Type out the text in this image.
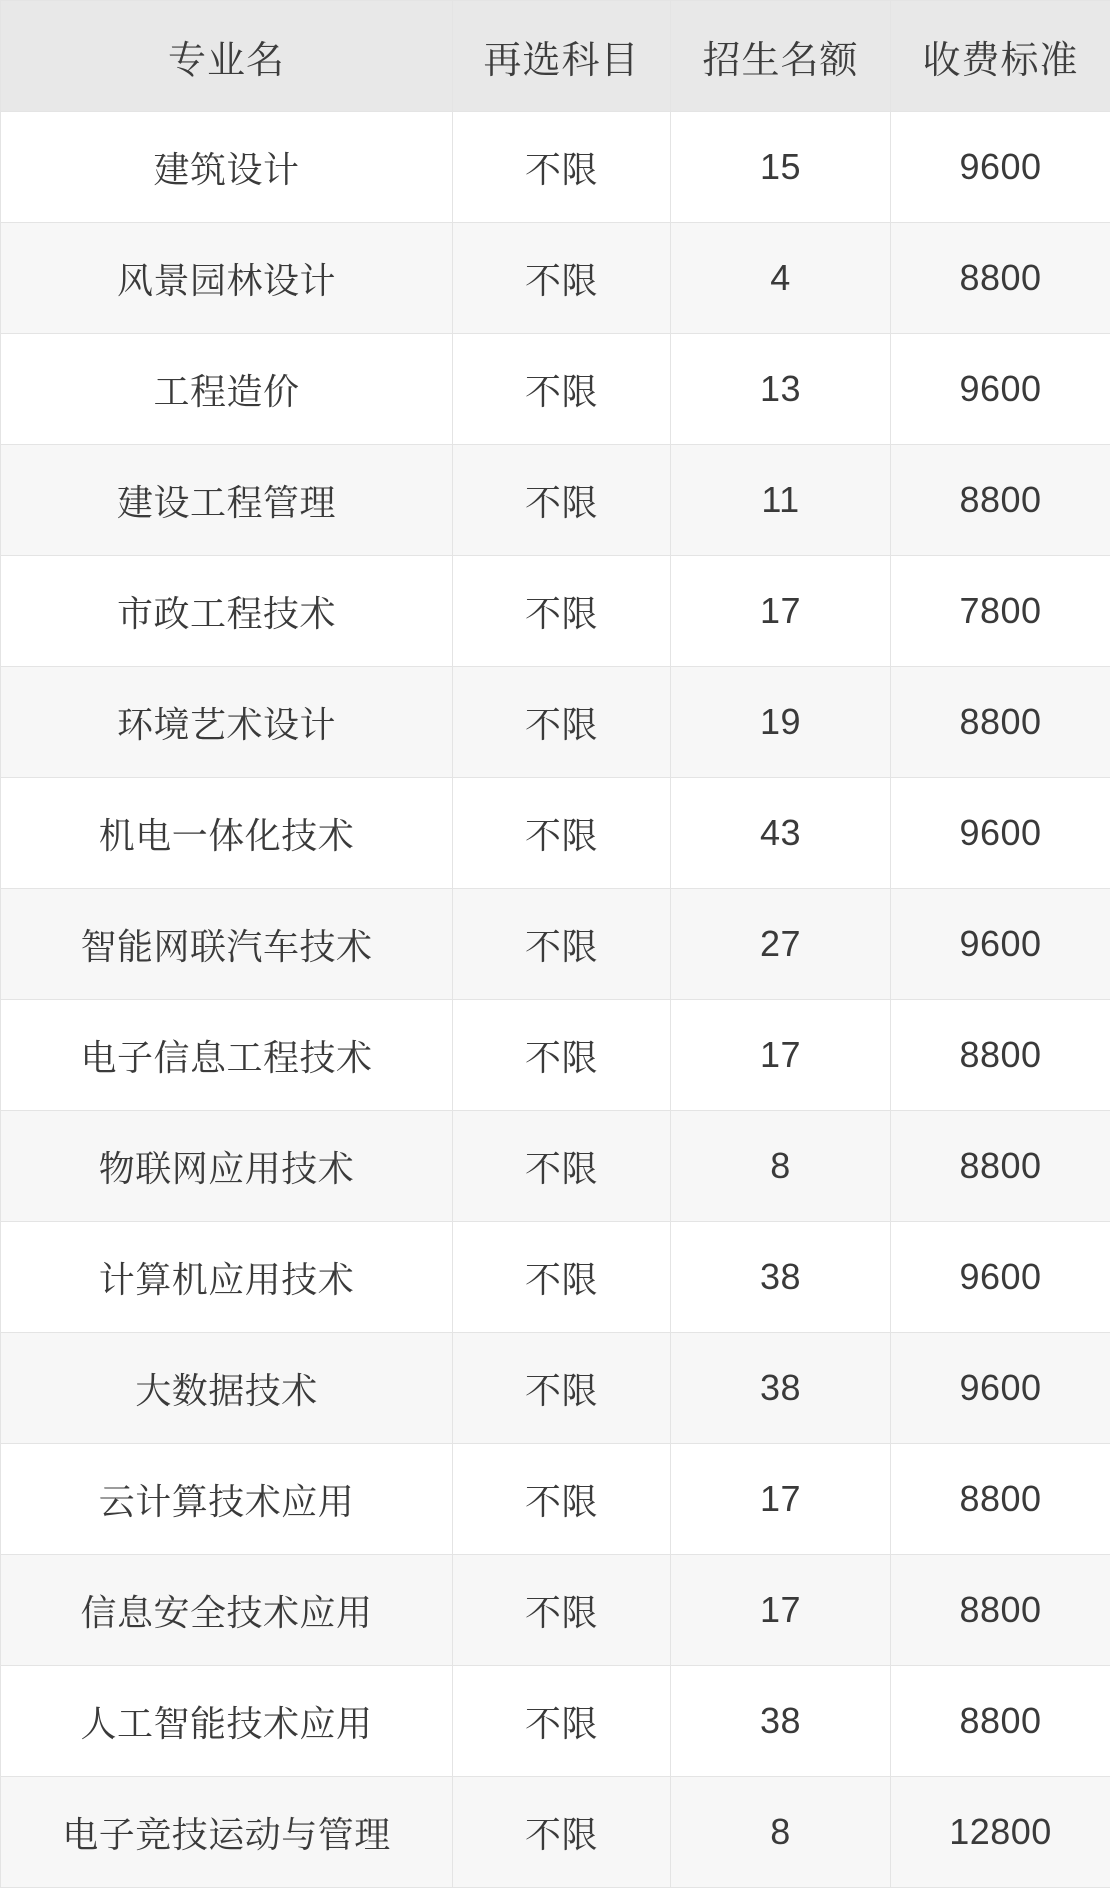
专业名	再选科目	招生名额	收费标准
建筑设计	不限	15	9600
风景园林设计	不限	4	8800
工程造价	不限	13	9600
建设工程管理	不限	11	8800
市政工程技术	不限	17	7800
环境艺术设计	不限	19	8800
机电一体化技术	不限	43	9600
智能网联汽车技术	不限	27	9600
电子信息工程技术	不限	17	8800
物联网应用技术	不限	8	8800
计算机应用技术	不限	38	9600
大数据技术	不限	38	9600
云计算技术应用	不限	17	8800
信息安全技术应用	不限	17	8800
人工智能技术应用	不限	38	8800
电子竞技运动与管理	不限	8	12800
